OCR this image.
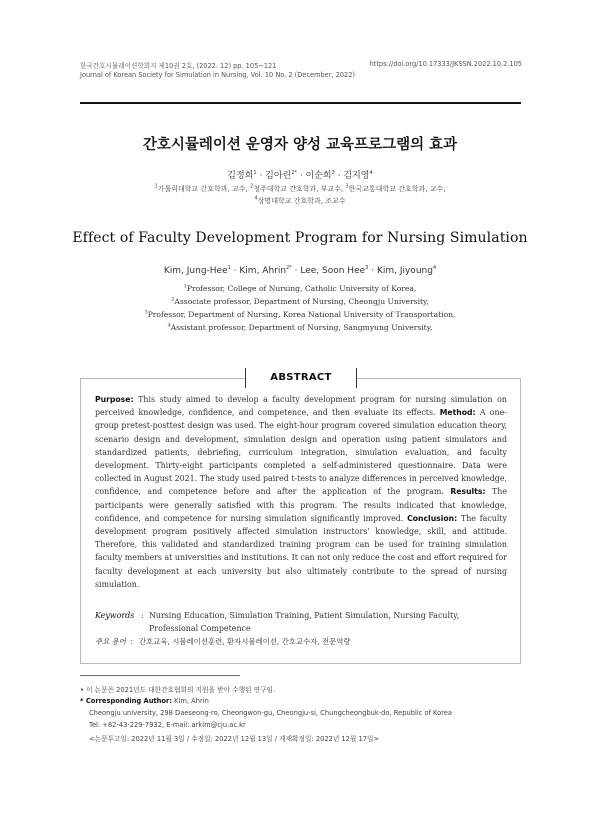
한국간호시뮬레이션학회지 제10권 2호, (2022. 12) pp. 105~121
Journal of Korean Society for Simulation in Nursing, Vol. 10 No. 2 (December, 2022)
https://doi.org/10.17333/JKSSN.2022.10.2.105
간호시뮬레이션 운영자 양성 교육프로그램의 효과
김정희$^1$ · 김아린$^{2*}$ · 이순희$^3$ · 김지영$^4$
$^1$가톨릭대학교 간호학과, 교수, $^2$청주대학교 간호학과, 부교수, $^3$한국교통대학교 간호학과, 교수,
$^4$상명대학교 간호학과, 조교수
Effect of Faculty Development Program for Nursing Simulation
Kim, Jung-Hee$^1$ · Kim, Ahrin$^{2*}$ · Lee, Soon Hee$^3$ · Kim, Jiyoung$^4$
$^1$Professor, College of Nursing, Catholic University of Korea,
$^2$Associate professor, Department of Nursing, Cheongju University,
$^3$Professor, Department of Nursing, Korea National University of Transportation,
$^4$Assistant professor, Department of Nursing, Sangmyung University,
ABSTRACT
Purpose: This study aimed to develop a faculty development program for nursing simulation on perceived knowledge, confidence, and competence, and then evaluate its effects. Method: A one-group pretest-posttest design was used. The eight-hour program covered simulation education theory, scenario design and development, simulation design and operation using patient simulators and standardized patients, debriefing, curriculum integration, simulation evaluation, and faculty development. Thirty-eight participants completed a self-administered questionnaire. Data were collected in August 2021. The study used paired t-tests to analyze differences in perceived knowledge, confidence, and competence before and after the application of the program. Results: The participants were generally satisfied with this program. The results indicated that knowledge, confidence, and competence for nursing simulation significantly improved. Conclusion: The faculty development program positively affected simulation instructors' knowledge, skill, and attitude. Therefore, this validated and standardized training program can be used for training simulation faculty members at universities and institutions. It can not only reduce the cost and effort required for faculty development at each university but also ultimately contribute to the spread of nursing simulation.
Keywords : Nursing Education, Simulation Training, Patient Simulation, Nursing Faculty, Professional Competence
주요 용어 : 간호교육, 시뮬레이션훈련, 환자시뮬레이션, 간호교수자, 전문역량
• 이 논문은 2021년도 대한간호협회의 지원을 받아 수행된 연구임.
* Corresponding Author: Kim, Ahrin
Cheongju university, 298 Daeseong-ro, Cheongwon-gu, Cheongju-si, Chungcheongbuk-do, Republic of Korea
Tel: +82-43-229-7932, E-mail: arkim@cju.ac.kr
<논문투고일: 2022년 11월 3일 / 수정일: 2022년 12월 13일 / 게재확정일: 2022년 12월 17일>
